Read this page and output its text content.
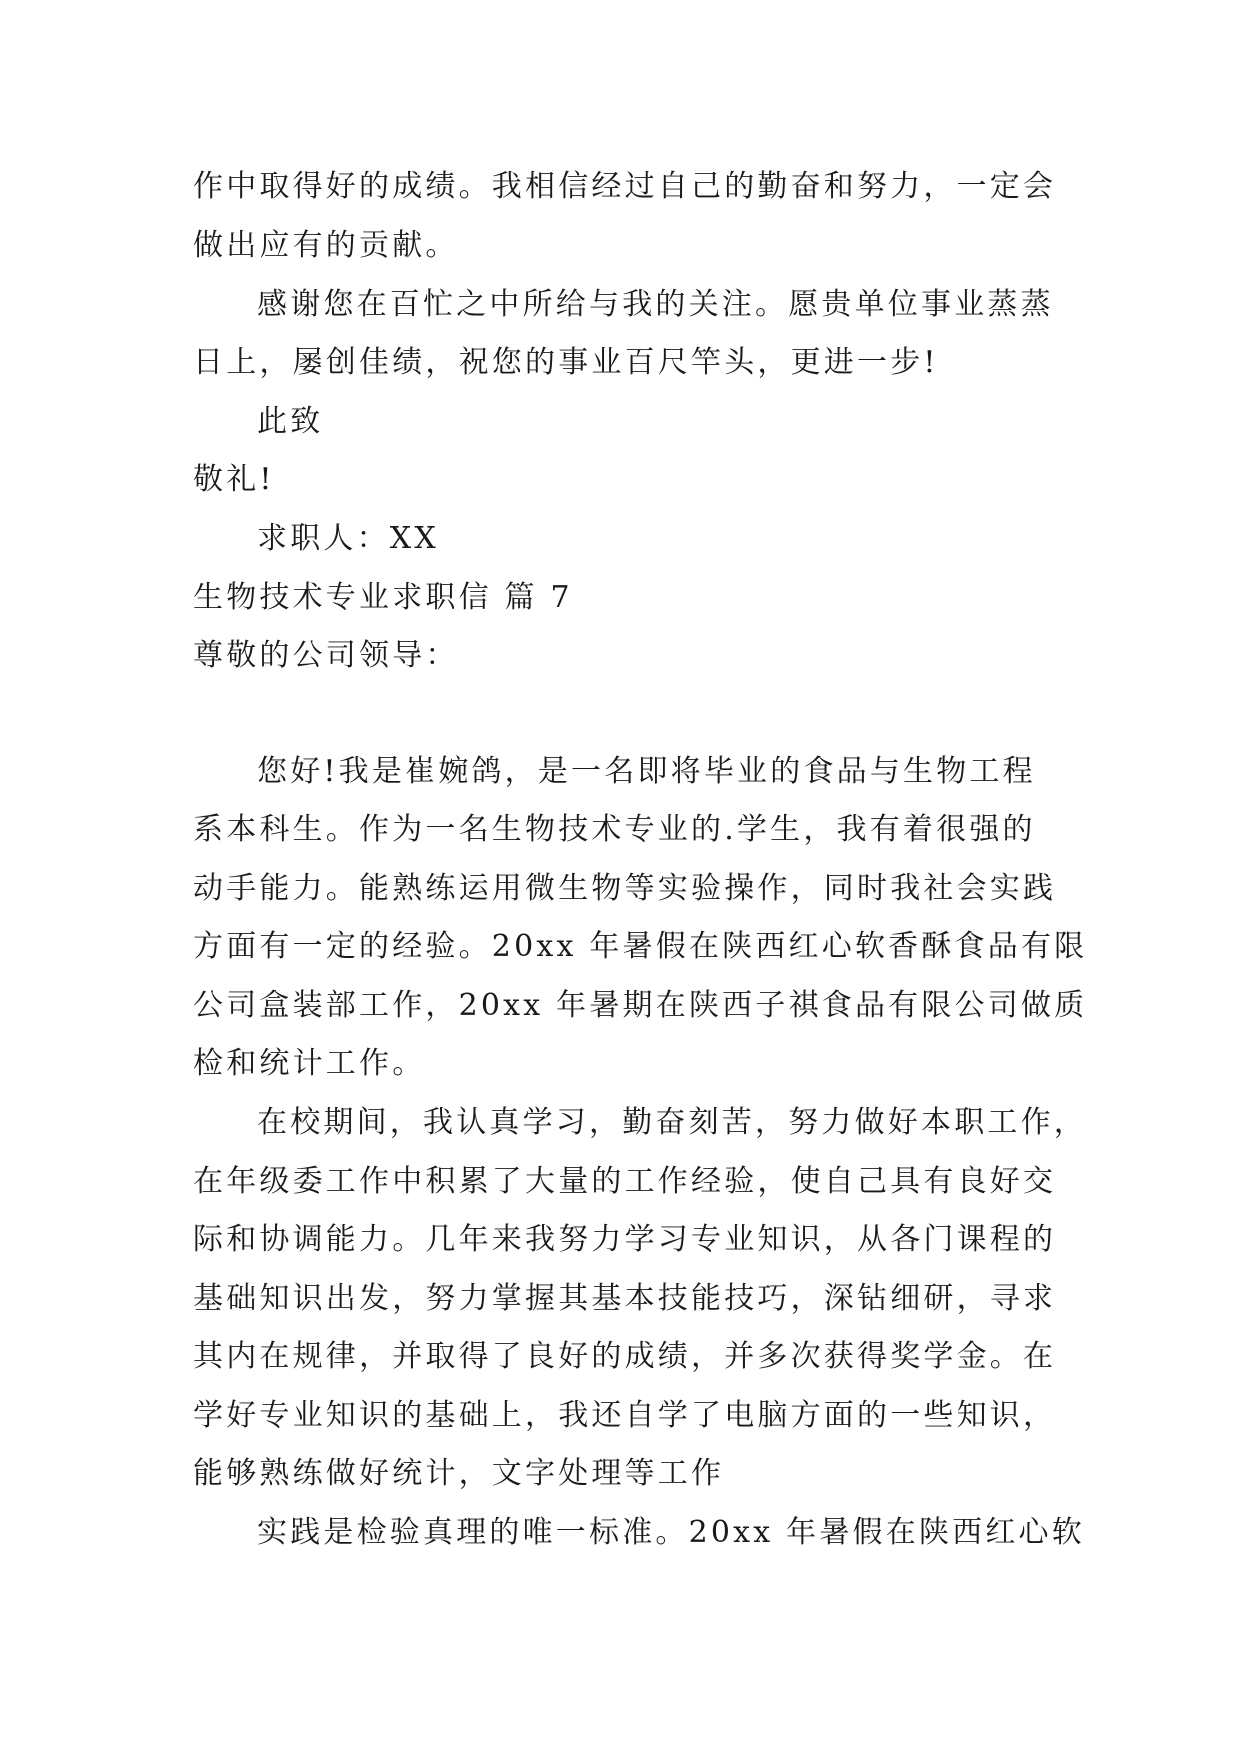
作中取得好的成绩。我相信经过自己的勤奋和努力，一定会

做出应有的贡献。

感谢您在百忙之中所给与我的关注。愿贵单位事业蒸蒸

日上，屡创佳绩，祝您的事业百尺竿头，更进一步!

此致

敬礼!

求职人：XX

生物技术专业求职信 篇 7

尊敬的公司领导：

您好!我是崔婉鸽，是一名即将毕业的食品与生物工程

系本科生。作为一名生物技术专业的.学生，我有着很强的

动手能力。能熟练运用微生物等实验操作，同时我社会实践

方面有一定的经验。20xx 年暑假在陕西红心软香酥食品有限

公司盒装部工作，20xx 年暑期在陕西子祺食品有限公司做质

检和统计工作。

在校期间，我认真学习，勤奋刻苦，努力做好本职工作，

在年级委工作中积累了大量的工作经验，使自己具有良好交

际和协调能力。几年来我努力学习专业知识，从各门课程的

基础知识出发，努力掌握其基本技能技巧，深钻细研，寻求

其内在规律，并取得了良好的成绩，并多次获得奖学金。在

学好专业知识的基础上，我还自学了电脑方面的一些知识，

能够熟练做好统计，文字处理等工作

实践是检验真理的唯一标准。20xx 年暑假在陕西红心软
